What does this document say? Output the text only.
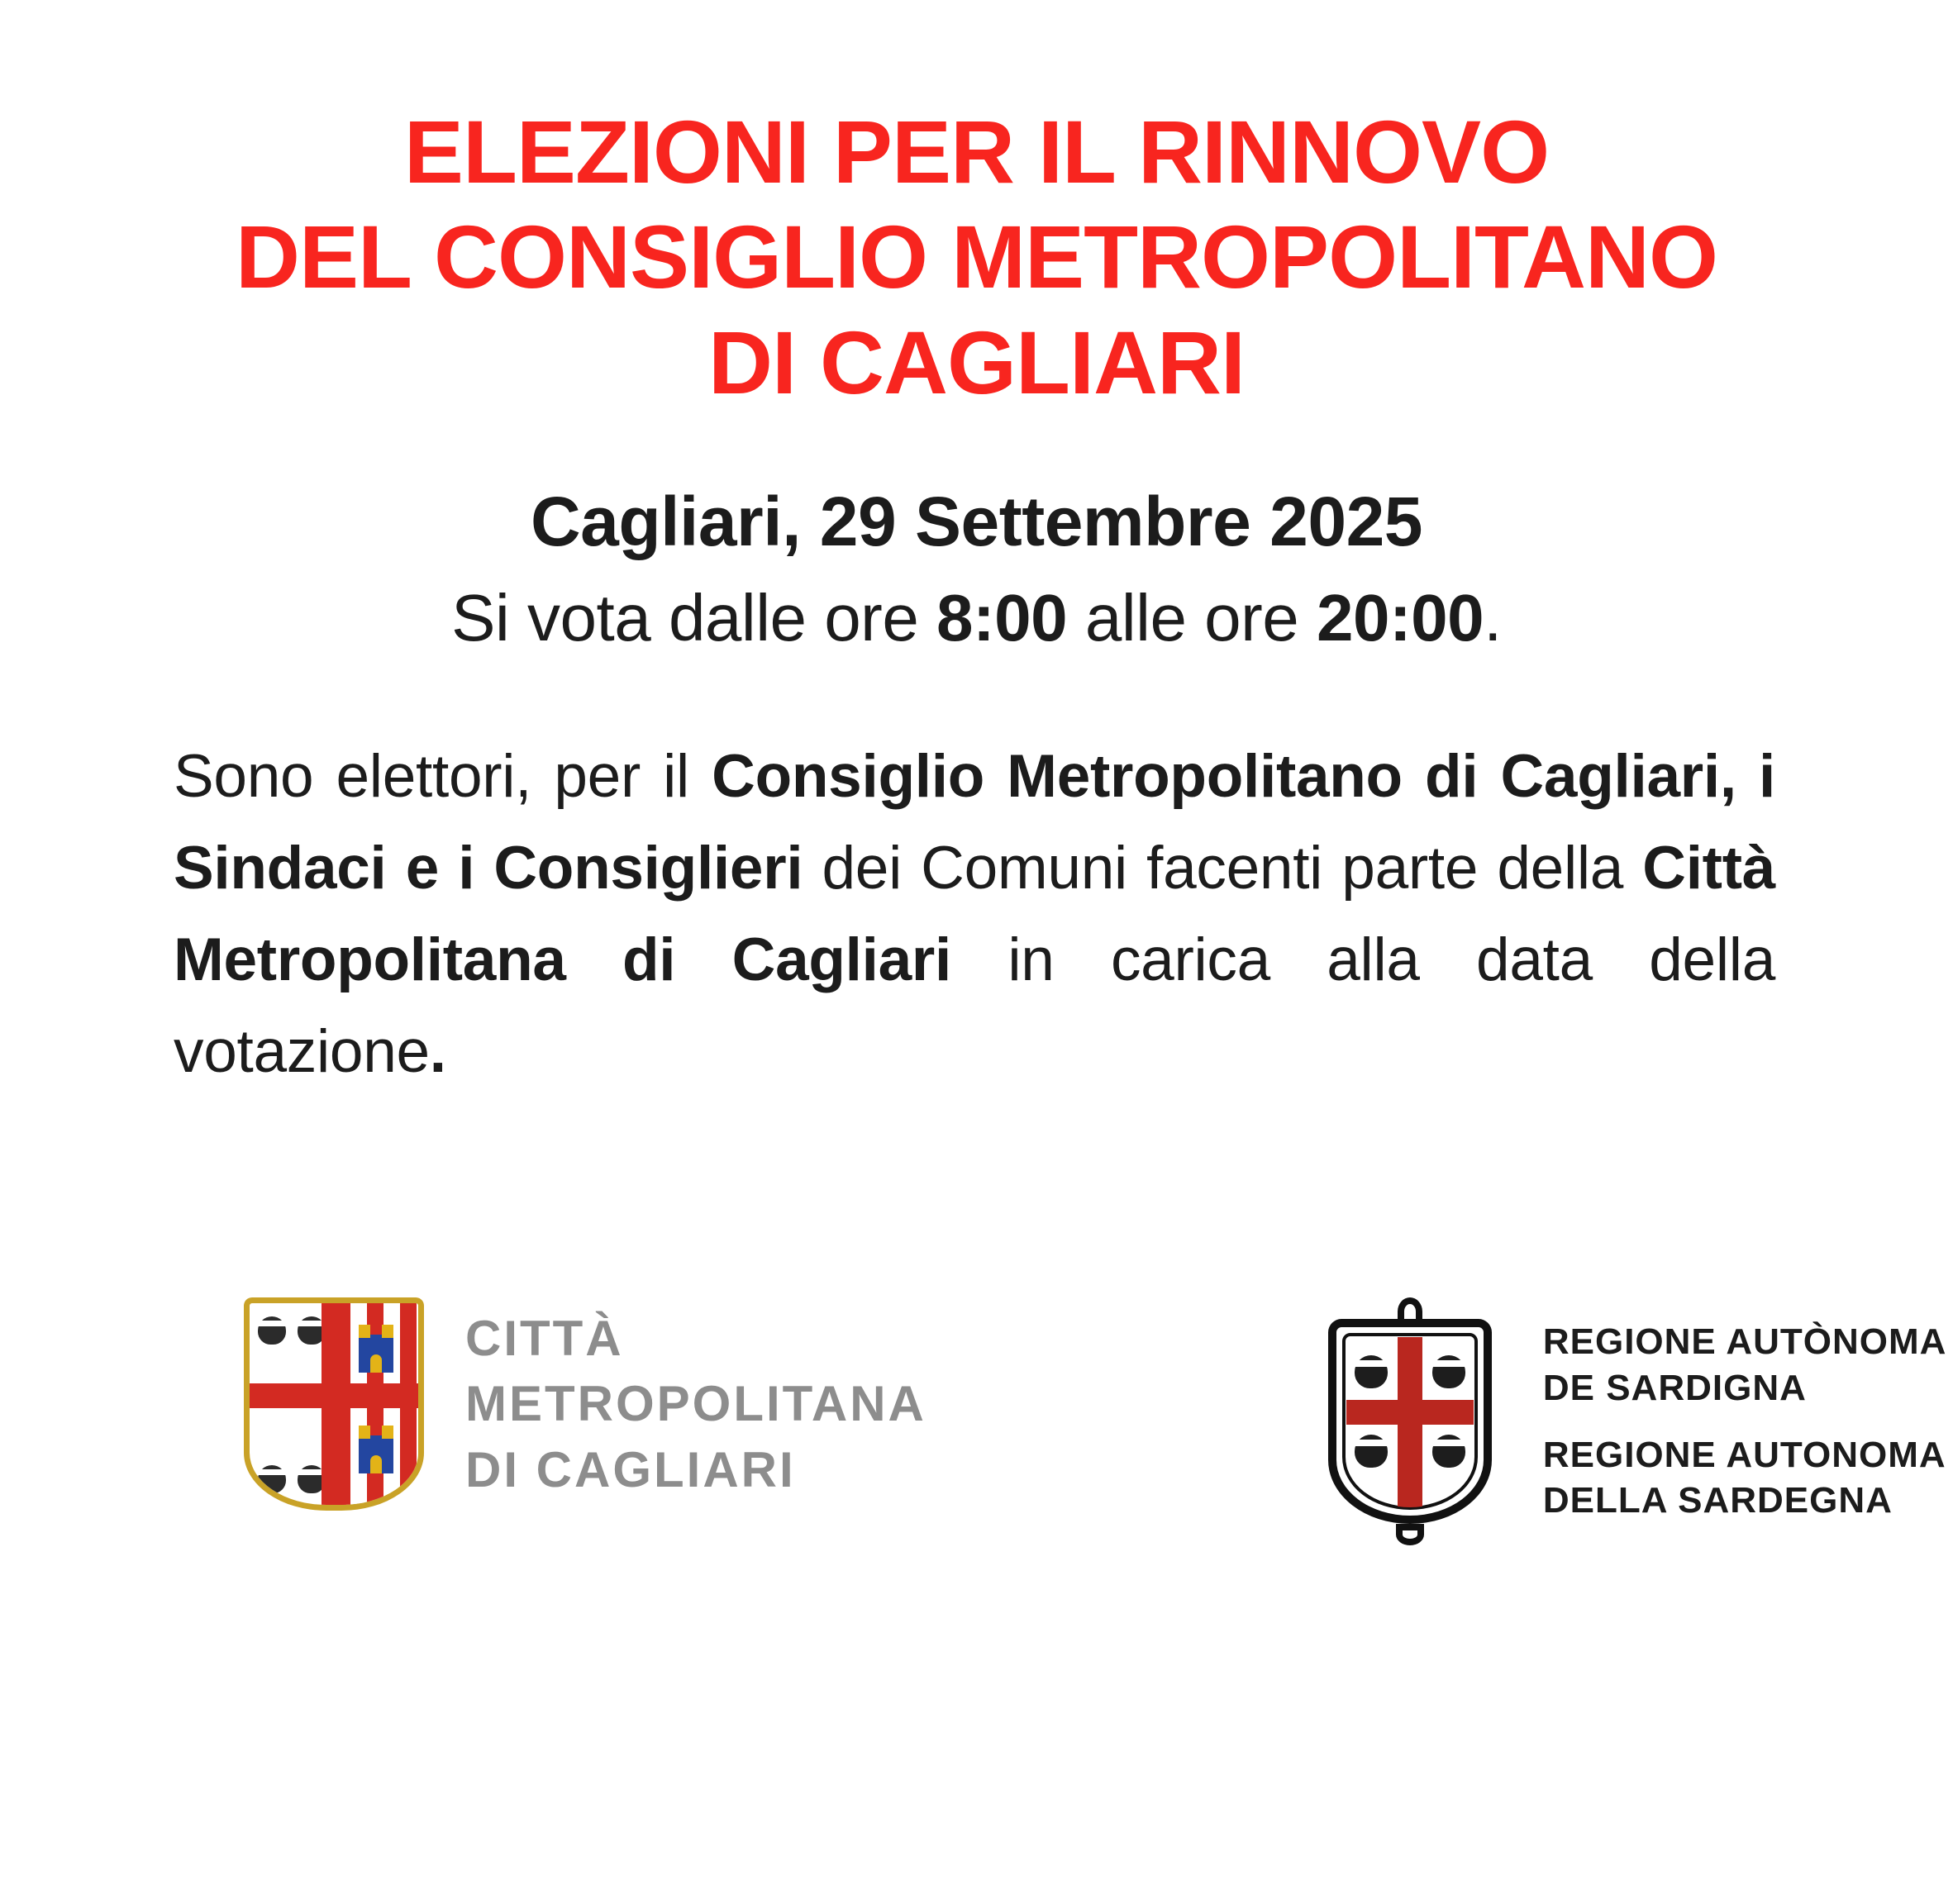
ELEZIONI PER IL RINNOVO
DEL CONSIGLIO METROPOLITANO
DI CAGLIARI
Cagliari, 29 Settembre 2025
Si vota dalle ore 8:00 alle ore 20:00.

Sono elettori, per il Consiglio Metropolitano di Cagliari, i Sindaci e i Consiglieri dei Comuni facenti parte della Città Metropolitana di Cagliari in carica alla data della votazione.

CITTÀ
METROPOLITANA
DI CAGLIARI
REGIONE AUTÒNOMA
DE SARDIGNA
REGIONE AUTONOMA
DELLA SARDEGNA
